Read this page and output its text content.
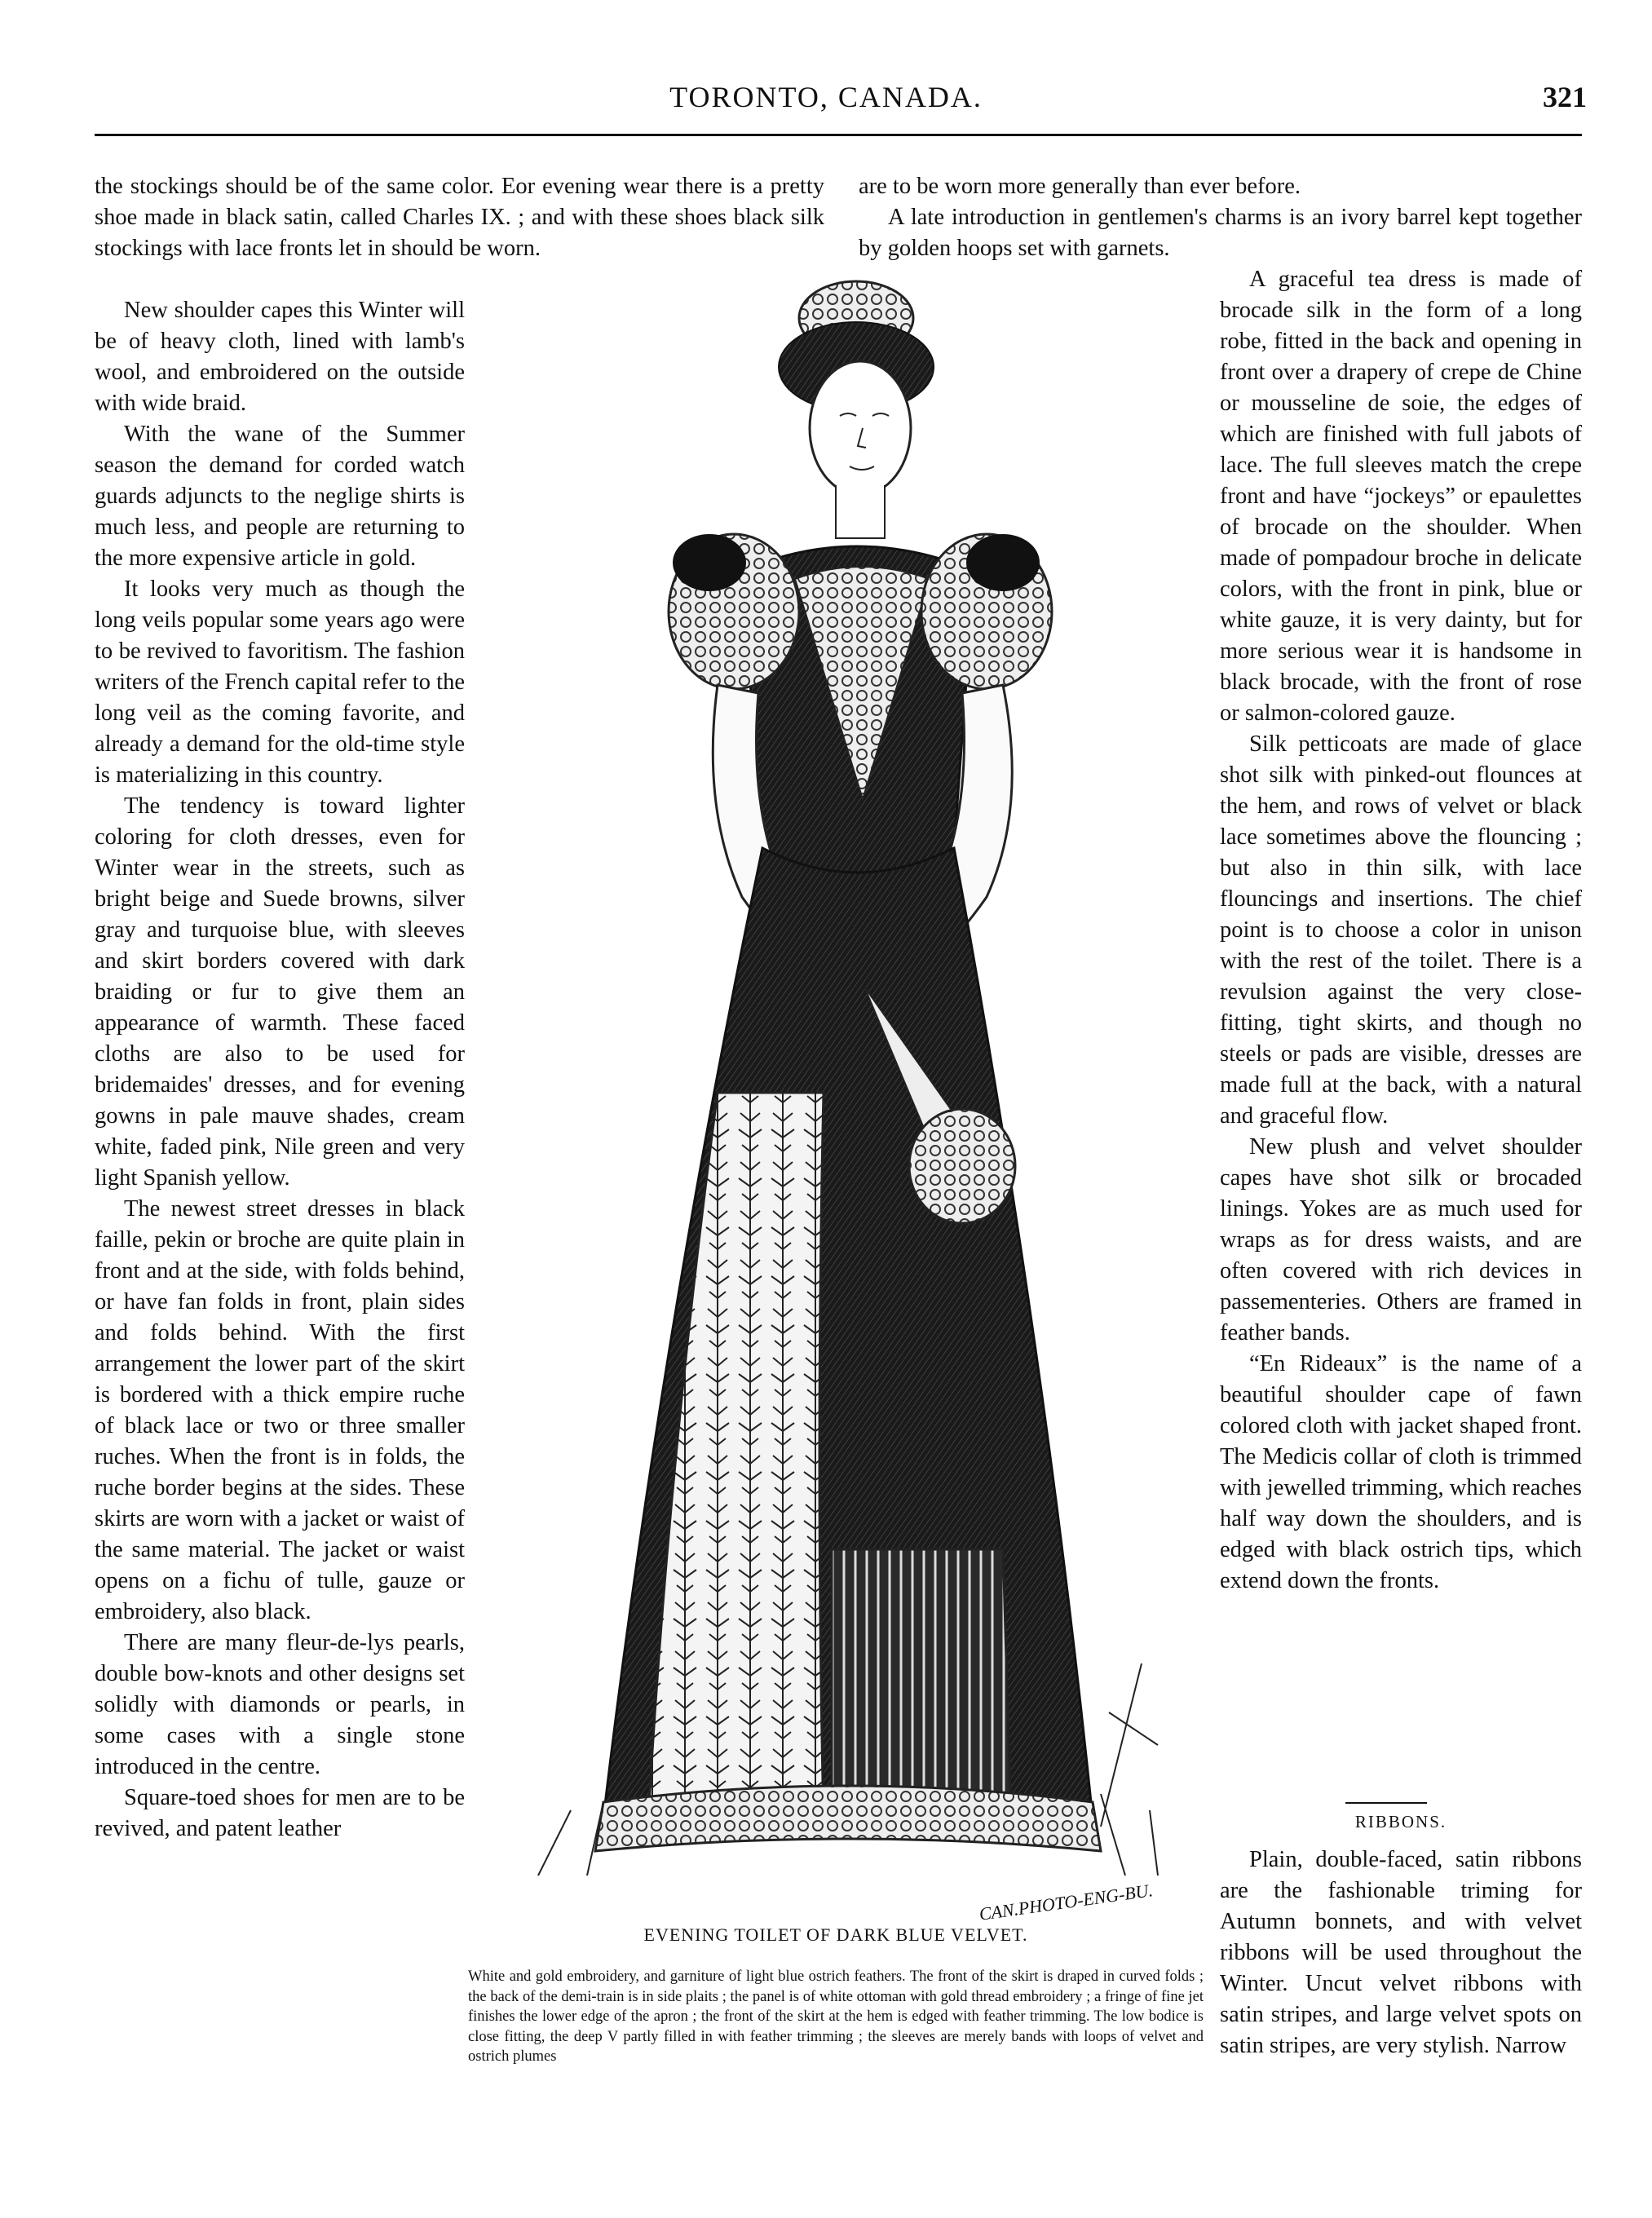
TORONTO, CANADA.	321

the stockings should be of the same color. Eor evening wear there is a pretty shoe made in black satin, called Charles IX. ; and with these shoes black silk stockings with lace fronts let in should be worn.

are to be worn more generally than ever before.

A late introduction in gentlemen's charms is an ivory barrel kept together by golden hoops set with garnets.

New shoulder capes this Winter will be of heavy cloth, lined with lamb's wool, and embroidered on the outside with wide braid.

With the wane of the Summer season the demand for corded watch guards adjuncts to the neglige shirts is much less, and people are returning to the more expensive article in gold.

It looks very much as though the long veils popular some years ago were to be revived to favoritism. The fashion writers of the French capital refer to the long veil as the coming favorite, and already a demand for the old-time style is materializing in this country.

The tendency is toward lighter coloring for cloth dresses, even for Winter wear in the streets, such as bright beige and Suede browns, silver gray and turquoise blue, with sleeves and skirt borders covered with dark braiding or fur to give them an appearance of warmth. These faced cloths are also to be used for bridemaides' dresses, and for evening gowns in pale mauve shades, cream white, faded pink, Nile green and very light Spanish yellow.

The newest street dresses in black faille, pekin or broche are quite plain in front and at the side, with folds behind, or have fan folds in front, plain sides and folds behind. With the first arrangement the lower part of the skirt is bordered with a thick empire ruche of black lace or two or three smaller ruches. When the front is in folds, the ruche border begins at the sides. These skirts are worn with a jacket or waist of the same material. The jacket or waist opens on a fichu of tulle, gauze or embroidery, also black.

There are many fleur-de-lys pearls, double bow-knots and other designs set solidly with diamonds or pearls, in some cases with a single stone introduced in the centre.

Square-toed shoes for men are to be revived, and patent leather

CAN.PHOTO-ENG-BU.
EVENING TOILET OF DARK BLUE VELVET.

White and gold embroidery, and garniture of light blue ostrich feathers. The front of the skirt is draped in curved folds ; the back of the demi-train is in side plaits ; the panel is of white ottoman with gold thread embroidery ; a fringe of fine jet finishes the lower edge of the apron ; the front of the skirt at the hem is edged with feather trimming. The low bodice is close fitting, the deep V partly filled in with feather trimming ; the sleeves are merely bands with loops of velvet and ostrich plumes

A graceful tea dress is made of brocade silk in the form of a long robe, fitted in the back and opening in front over a drapery of crepe de Chine or mousseline de soie, the edges of which are finished with full jabots of lace. The full sleeves match the crepe front and have “jockeys” or epaulettes of brocade on the shoulder. When made of pompadour broche in delicate colors, with the front in pink, blue or white gauze, it is very dainty, but for more serious wear it is handsome in black brocade, with the front of rose or salmon-colored gauze.

Silk petticoats are made of glace shot silk with pinked-out flounces at the hem, and rows of velvet or black lace sometimes above the flouncing ; but also in thin silk, with lace flouncings and insertions. The chief point is to choose a color in unison with the rest of the toilet. There is a revulsion against the very close-fitting, tight skirts, and though no steels or pads are visible, dresses are made full at the back, with a natural and graceful flow.

New plush and velvet shoulder capes have shot silk or brocaded linings. Yokes are as much used for wraps as for dress waists, and are often covered with rich devices in passementeries. Others are framed in feather bands.

“En Rideaux” is the name of a beautiful shoulder cape of fawn colored cloth with jacket shaped front. The Medicis collar of cloth is trimmed with jewelled trimming, which reaches half way down the shoulders, and is edged with black ostrich tips, which extend down the fronts.

RIBBONS.

Plain, double-faced, satin ribbons are the fashionable triming for Autumn bonnets, and with velvet ribbons will be used throughout the Winter. Uncut velvet ribbons with satin stripes, and large velvet spots on satin stripes, are very stylish. Narrow
